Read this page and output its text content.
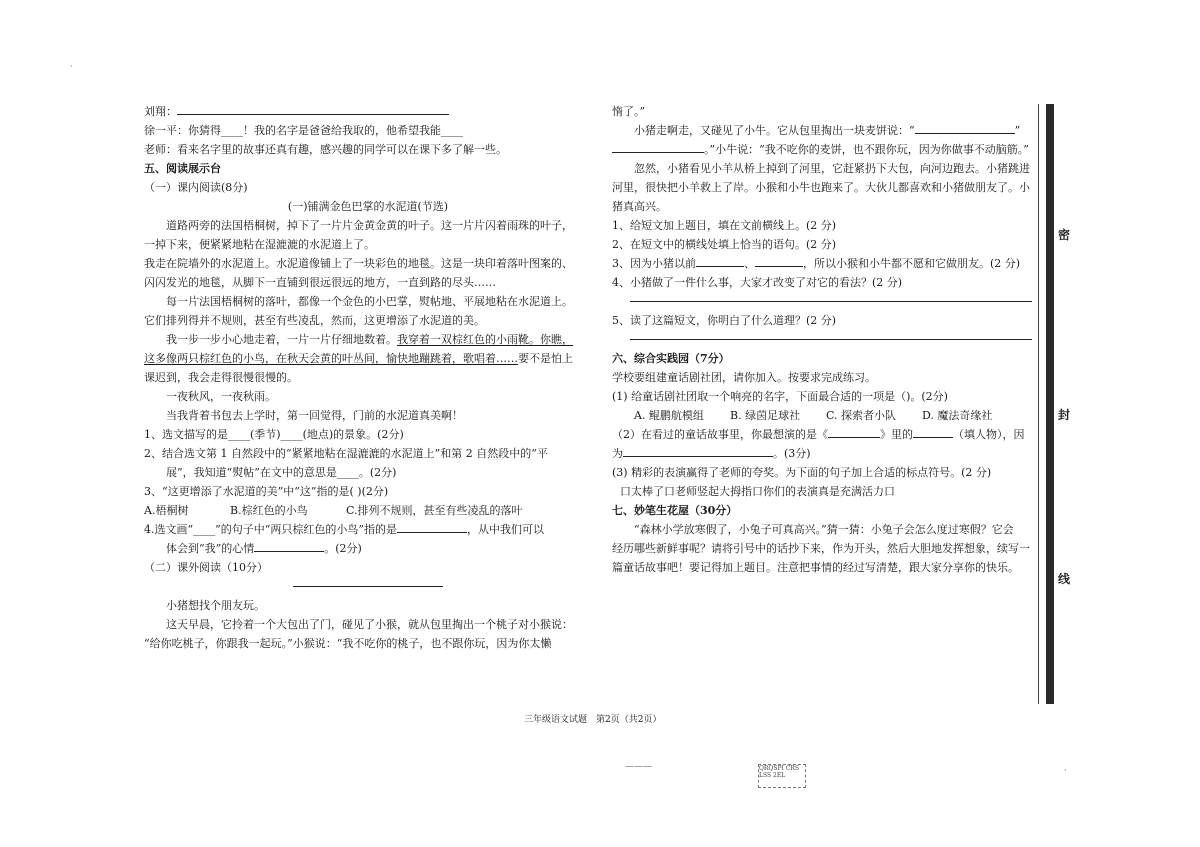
刘翔：
徐一平：你猜得____！我的名字是爸爸给我取的，他希望我能____
老师：看来名字里的故事还真有趣，感兴趣的同学可以在课下多了解一些。
五、阅读展示台
（一）课内阅读(8分)
(一)铺满金色巴掌的水泥道(节选)
道路两旁的法国梧桐树，掉下了一片片金黄金黄的叶子。这一片片闪着雨珠的叶子，
一掉下来，便紧紧地粘在湿漉漉的水泥道上了。
我走在院墙外的水泥道上。水泥道像铺上了一块彩色的地毯。这是一块印着落叶图案的、
闪闪发光的地毯，从脚下一直铺到很远很远的地方，一直到路的尽头……
每一片法国梧桐树的落叶，都像一个金色的小巴掌，熨帖地、平展地粘在水泥道上。
它们排列得并不规则，甚至有些凌乱，然而，这更增添了水泥道的美。
我一步一步小心地走着，一片一片仔细地数着。我穿着一双棕红色的小雨靴。你瞧，
这多像两只棕红色的小鸟，在秋天会黄的叶丛间，愉快地蹦跳着，歌唱着……要不是怕上
课迟到，我会走得很慢很慢的。
一夜秋风，一夜秋雨。
当我背着书包去上学时，第一回觉得，门前的水泥道真美啊！
1、选文描写的是____(季节)____(地点)的景象。(2分)
2、结合选文第 1 自然段中的“紧紧地粘在湿漉漉的水泥道上”和第 2 自然段中的“平
展”，我知道“熨帖”在文中的意思是____。(2分)
3、“这更增添了水泥道的美”中“这”指的是( )(2分)
A.梧桐树	B.棕红色的小鸟	C.排列不规则，甚至有些凌乱的落叶
4.选文画“____”的句子中“两只棕红色的小鸟”指的是	，从中我们可以
体会到“我”的心情	。(2分)
（二）课外阅读（10分）
小猪想找个朋友玩。
这天早晨，它拎着一个大包出了门，碰见了小猴，就从包里掏出一个桃子对小猴说：
“给你吃桃子，你跟我一起玩。”小猴说：“我不吃你的桃子，也不跟你玩，因为你太懒
惰了。”
小猪走啊走，又碰见了小牛。它从包里掏出一块麦饼说：“	”
。”小牛说：“我不吃你的麦饼，也不跟你玩，因为你做事不动脑筋。”
忽然，小猪看见小羊从桥上掉到了河里，它赶紧扔下大包，向河边跑去。小猪跳进
河里，很快把小羊救上了岸。小猴和小牛也跑来了。大伙儿都喜欢和小猪做朋友了。小
猪真高兴。
1、给短文加上题目，填在文前横线上。(2 分)
2、在短文中的横线处填上恰当的语句。(2 分)
3、因为小猪以前	、	，所以小猴和小牛都不愿和它做朋友。(2 分)
4、小猪做了一件什么事，大家才改变了对它的看法？(2 分)
5、读了这篇短文，你明白了什么道理？(2 分)
六、综合实践园（7分）
学校要组建童话剧社团，请你加入。按要求完成练习。
(1) 给童话剧社团取一个响亮的名字，下面最合适的一项是（)。(2分)
A. 鲲鹏航模组 B. 绿茵足球社 C. 探索者小队 D. 魔法奇缘社
（2）在看过的童话故事里，你最想演的是《	》里的	（填人物），因
为	。(3分)
(3) 精彩的表演赢得了老师的夸奖。为下面的句子加上合适的标点符号。(2 分)
口太棒了口老师竖起大拇指口你们的表演真是充满活力口
七、妙笔生花屋（30分）
“森林小学放寒假了，小兔子可真高兴。”猜一猜：小兔子会怎么度过寒假？它会
经历哪些新鲜事呢？请将引号中的话抄下来，作为开头，然后大胆地发挥想象，续写一
篇童话故事吧！要记得加上题目。注意把事情的经过写清楚，跟大家分享你的快乐。
密
封
线
三年级语文试题　第2页（共2页）
———	QRQSPI CRS LSS 2EL
·
·
